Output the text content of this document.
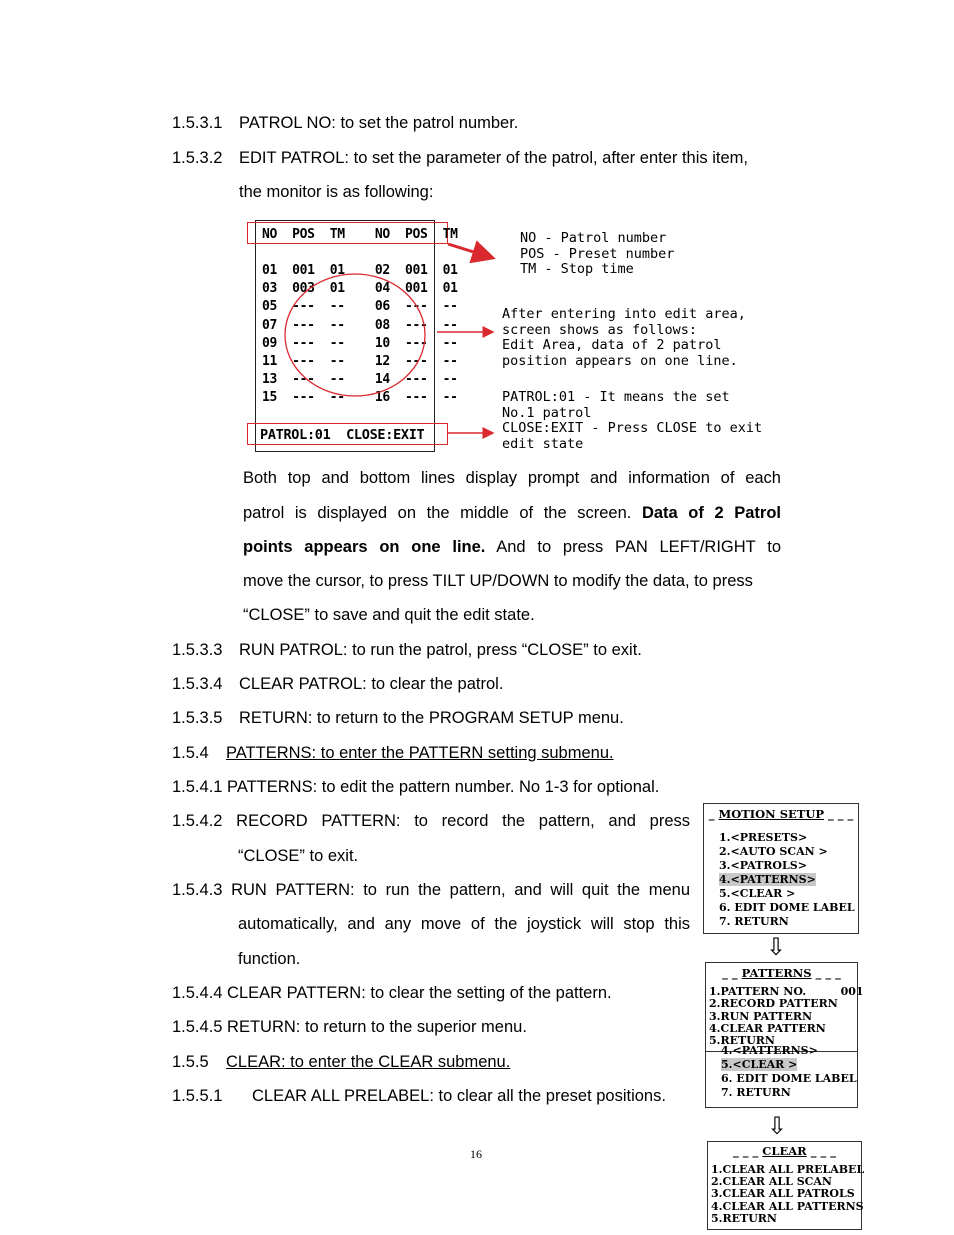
1.5.3.1 PATROL NO: to set the patrol number.
1.5.3.2 EDIT PATROL: to set the parameter of the patrol, after enter this item,
the monitor is as following:
NO  POS  TM    NO  POS  TM
01  001  01    02  001  01
03  003  01    04  001  01
05  ---  --    06  ---  --
07  ---  --    08  ---  --
09  ---  --    10  ---  --
11  ---  --    12  ---  --
13  ---  --    14  ---  --
15  ---  --    16  ---  --
PATROL:01  CLOSE:EXIT
NO - Patrol number
POS - Preset number
TM - Stop time
After entering into edit area,
screen shows as follows:
Edit Area, data of 2 patrol
position appears on one line.
PATROL:01 - It means the set
No.1 patrol
CLOSE:EXIT - Press CLOSE to exit
edit state
Both top and bottom lines display prompt and information of each
patrol is displayed on the middle of the screen. Data of 2 Patrol
points appears on one line. And to press PAN LEFT/RIGHT to
move the cursor, to press TILT UP/DOWN to modify the data, to press
“CLOSE” to save and quit the edit state.
1.5.3.3 RUN PATROL: to run the patrol, press “CLOSE” to exit.
1.5.3.4 CLEAR PATROL: to clear the patrol.
1.5.3.5 RETURN: to return to the PROGRAM SETUP menu.
1.5.4 PATTERNS: to enter the PATTERN setting submenu.
1.5.4.1 PATTERNS: to edit the pattern number. No 1-3 for optional.
1.5.4.2 RECORD PATTERN: to record the pattern, and press
“CLOSE” to exit.
1.5.4.3 RUN PATTERN: to run the pattern, and will quit the menu
automatically, and any move of the joystick will stop this
function.
1.5.4.4 CLEAR PATTERN: to clear the setting of the pattern.
1.5.4.5 RETURN: to return to the superior menu.
1.5.5 CLEAR: to enter the CLEAR submenu.
1.5.5.1 CLEAR ALL PRELABEL: to clear all the preset positions.
_ MOTION SETUP _ _ _
1.<PRESETS>
2.<AUTO SCAN >
3.<PATROLS>
4.<PATTERNS>
5.<CLEAR >
6. EDIT DOME LABEL
7. RETURN
⇩
_ _ PATTERNS _ _ _
1.PATTERN NO.         001
2.RECORD PATTERN
3.RUN PATTERN
4.CLEAR PATTERN
5.RETURN
4.<PATTERNS>
5.<CLEAR >
6. EDIT DOME LABEL
7. RETURN
⇩
_ _ _ CLEAR _ _ _
1.CLEAR ALL PRELABEL
2.CLEAR ALL SCAN
3.CLEAR ALL PATROLS
4.CLEAR ALL PATTERNS
5.RETURN
16
